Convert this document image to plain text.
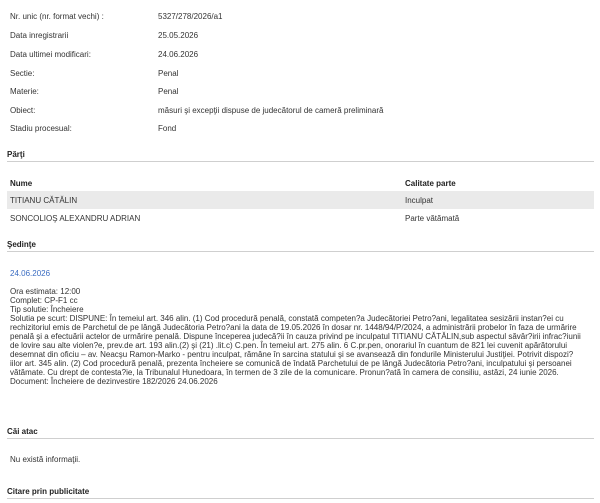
Nr. unic (nr. format vechi) :	5327/278/2026/a1
Data inregistrarii	25.05.2026
Data ultimei modificari:	24.06.2026
Sectie:	Penal
Materie:	Penal
Obiect:	măsuri şi excepţii dispuse de judecătorul de cameră preliminară
Stadiu procesual:	Fond
Părţi
Nume	Calitate parte
TITIANU CĂTĂLIN	Inculpat
SONCOLIOŞ ALEXANDRU ADRIAN	Parte vătămată
Şedinţe
24.06.2026
Ora estimata: 12:00
Complet: CP-F1 cc
Tip solutie: Încheiere
Solutia pe scurt: DISPUNE: În temeiul art. 346 alin. (1) Cod procedură penală, constată competen?a Judecătoriei Petro?ani, legalitatea sesizării instan?ei cu
rechizitoriul emis de Parchetul de pe lângă Judecătoria Petro?ani la data de 19.05.2026 în dosar nr. 1448/94/P/2024, a administrării probelor în faza de urmărire
penală şi a efectuării actelor de urmărire penală. Dispune începerea judecă?ii în cauza privind pe inculpatul TITIANU CĂTĂLIN,sub aspectul săvâr?irii infrac?iunii
de lovire sau alte violen?e, prev.de art. 193 alin.(2) şi (21) .lit.c) C.pen. În temeiul art. 275 alin. 6 C.pr.pen, onorariul în cuantum de 821 lei cuvenit apărătorului
desemnat din oficiu – av. Neacşu Ramon-Marko - pentru inculpat, rămâne în sarcina statului şi se avansează din fondurile Ministerului Justiţiei. Potrivit dispozi?
iilor art. 345 alin. (2) Cod procedură penală, prezenta încheiere se comunică de îndată Parchetului de pe lângă Judecătoria Petro?ani, inculpatului şi persoanei
vătămate. Cu drept de contesta?ie, la Tribunalul Hunedoara, în termen de 3 zile de la comunicare. Pronun?ată în camera de consiliu, astăzi, 24 iunie 2026.
Document: Încheiere de dezinvestire 182/2026 24.06.2026
Căi atac
Nu există informaţii.
Citare prin publicitate
